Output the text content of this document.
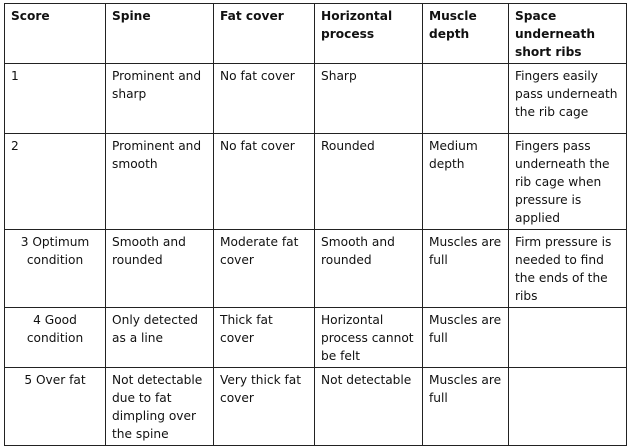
Score	Spine	Fat cover	Horizontal process	Muscle depth	Space underneath short ribs
1	Prominent and sharp	No fat cover	Sharp		Fingers easily pass underneath the rib cage
2	Prominent and smooth	No fat cover	Rounded	Medium depth	Fingers pass underneath the rib cage when pressure is applied
3 Optimum condition	Smooth and rounded	Moderate fat cover	Smooth and rounded	Muscles are full	Firm pressure is needed to find the ends of the ribs
4 Good condition	Only detected as a line	Thick fat cover	Horizontal process cannot be felt	Muscles are full	
5 Over fat	Not detectable due to fat dimpling over the spine	Very thick fat cover	Not detectable	Muscles are full	
